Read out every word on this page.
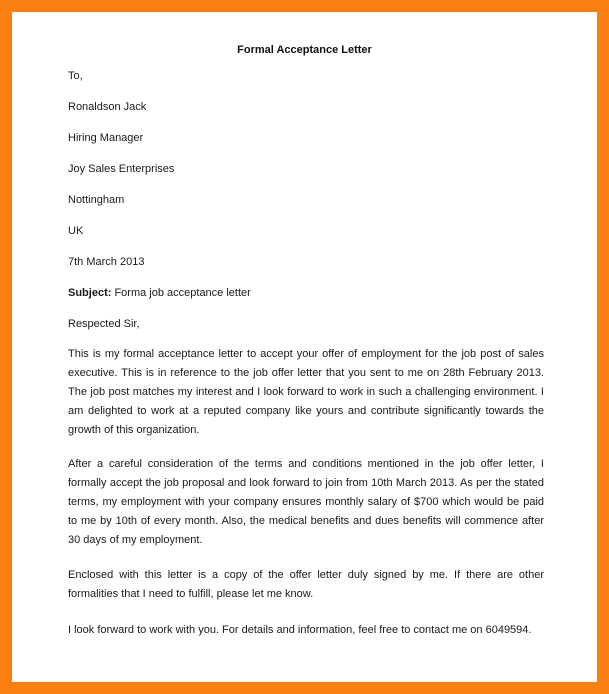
Formal Acceptance Letter
To,
Ronaldson Jack
Hiring Manager
Joy Sales Enterprises
Nottingham
UK
7th March 2013
Subject: Forma job acceptance letter
Respected Sir,
This is my formal acceptance letter to accept your offer of employment for the job post of sales executive. This is in reference to the job offer letter that you sent to me on 28th February 2013. The job post matches my interest and I look forward to work in such a challenging environment. I am delighted to work at a reputed company like yours and contribute significantly towards the growth of this organization.
After a careful consideration of the terms and conditions mentioned in the job offer letter, I formally accept the job proposal and look forward to join from 10th March 2013. As per the stated terms, my employment with your company ensures monthly salary of $700 which would be paid to me by 10th of every month. Also, the medical benefits and dues benefits will commence after 30 days of my employment.
Enclosed with this letter is a copy of the offer letter duly signed by me. If there are other formalities that I need to fulfill, please let me know.
I look forward to work with you. For details and information, feel free to contact me on 6049594.
